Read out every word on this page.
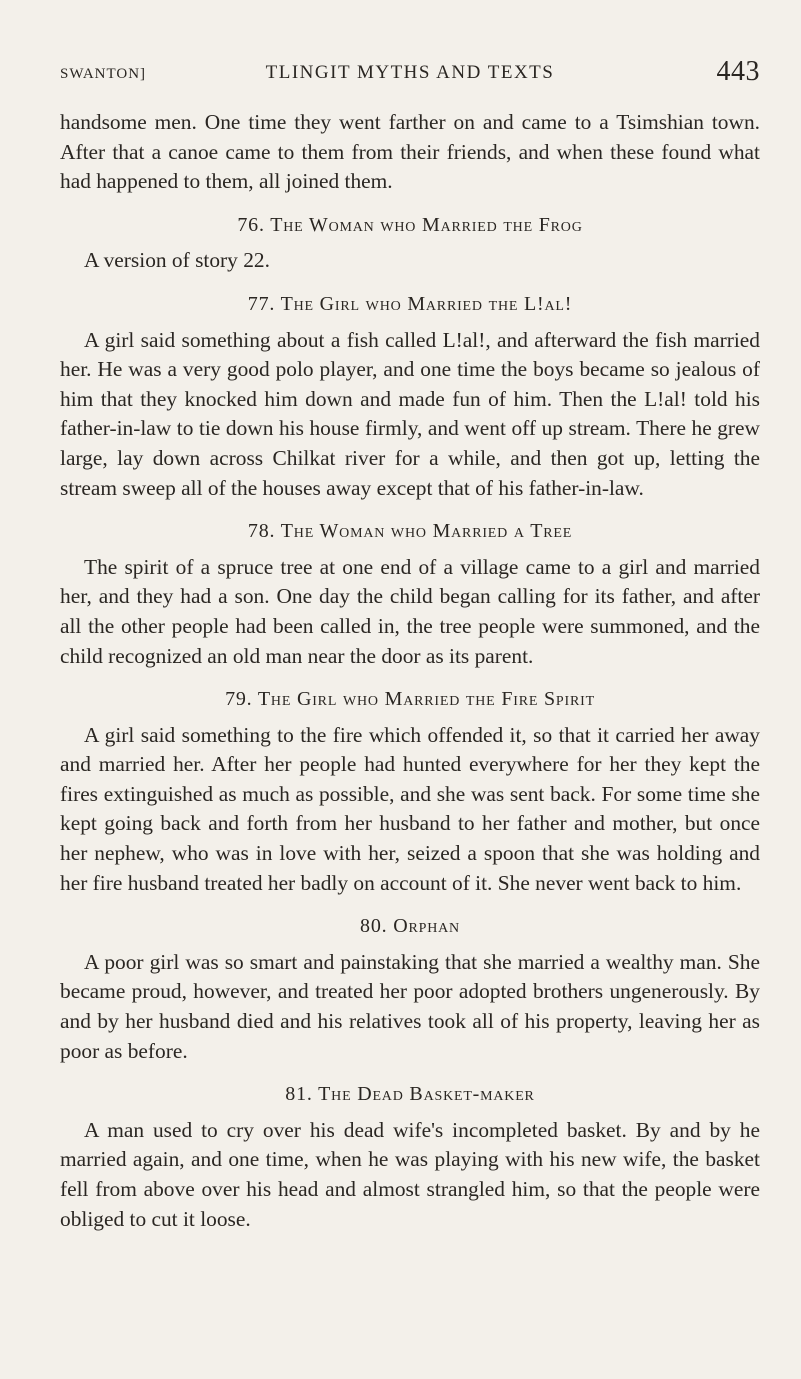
SWANTON]	TLINGIT MYTHS AND TEXTS	443

handsome men. One time they went farther on and came to a Tsimshian town. After that a canoe came to them from their friends, and when these found what had happened to them, all joined them.

76. The Woman who Married the Frog

A version of story 22.

77. The Girl who Married the L!al!

A girl said something about a fish called L!al!, and afterward the fish married her. He was a very good polo player, and one time the boys became so jealous of him that they knocked him down and made fun of him. Then the L!al! told his father-in-law to tie down his house firmly, and went off up stream. There he grew large, lay down across Chilkat river for a while, and then got up, letting the stream sweep all of the houses away except that of his father-in-law.

78. The Woman who Married a Tree

The spirit of a spruce tree at one end of a village came to a girl and married her, and they had a son. One day the child began calling for its father, and after all the other people had been called in, the tree people were summoned, and the child recognized an old man near the door as its parent.

79. The Girl who Married the Fire Spirit

A girl said something to the fire which offended it, so that it carried her away and married her. After her people had hunted everywhere for her they kept the fires extinguished as much as possible, and she was sent back. For some time she kept going back and forth from her husband to her father and mother, but once her nephew, who was in love with her, seized a spoon that she was holding and her fire husband treated her badly on account of it. She never went back to him.

80. Orphan

A poor girl was so smart and painstaking that she married a wealthy man. She became proud, however, and treated her poor adopted brothers ungenerously. By and by her husband died and his relatives took all of his property, leaving her as poor as before.

81. The Dead Basket-maker

A man used to cry over his dead wife's incompleted basket. By and by he married again, and one time, when he was playing with his new wife, the basket fell from above over his head and almost strangled him, so that the people were obliged to cut it loose.
